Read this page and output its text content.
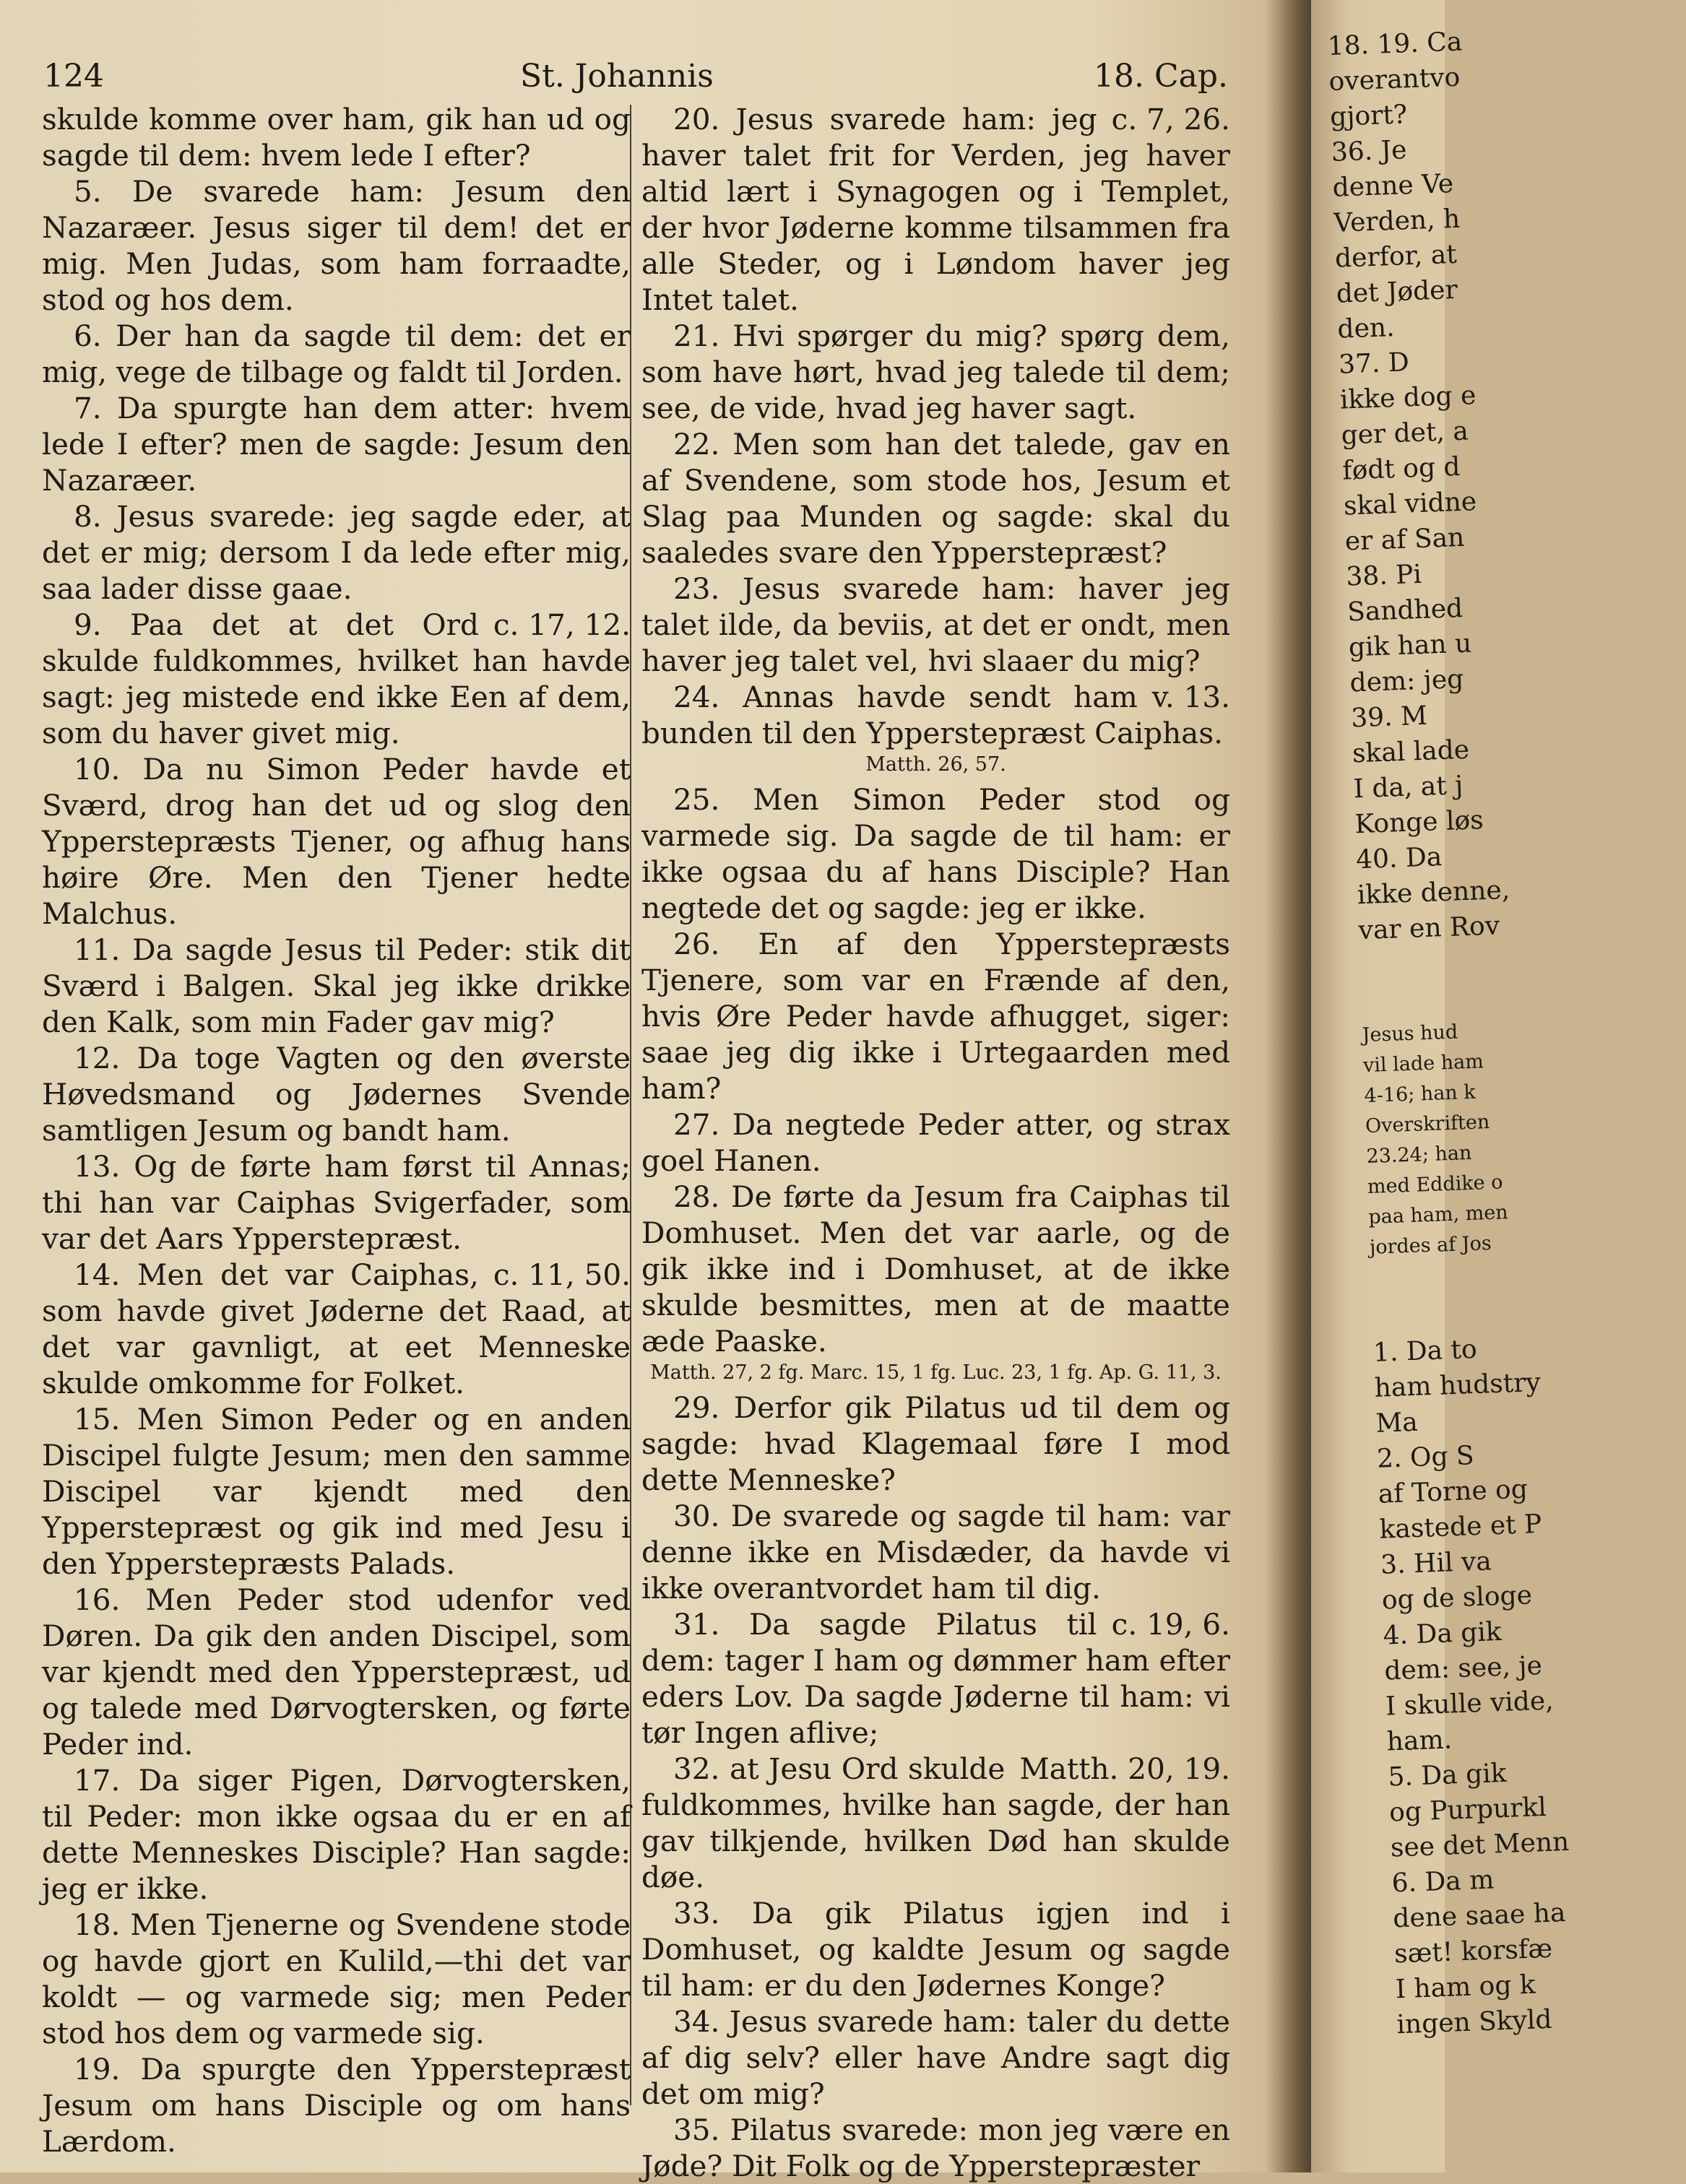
124	St. Johannis	18. Cap.

skulde komme over ham, gik han ud og sagde til dem: hvem lede I efter?

5. De svarede ham: Jesum den Nazaræer. Jesus siger til dem! det er mig. Men Judas, som ham forraadte, stod og hos dem.

6. Der han da sagde til dem: det er mig, vege de tilbage og faldt til Jorden.

7. Da spurgte han dem atter: hvem lede I efter? men de sagde: Jesum den Nazaræer.

8. Jesus svarede: jeg sagde eder, at det er mig; dersom I da lede efter mig, saa lader disse gaae.

c. 17, 12.
9. Paa det at det Ord skulde fuldkommes, hvilket han havde sagt: jeg mistede end ikke Een af dem, som du haver givet mig.

10. Da nu Simon Peder havde et Sværd, drog han det ud og slog den Ypperstepræsts Tjener, og afhug hans høire Øre. Men den Tjener hedte Malchus.

11. Da sagde Jesus til Peder: stik dit Sværd i Balgen. Skal jeg ikke drikke den Kalk, som min Fader gav mig?

12. Da toge Vagten og den øverste Høvedsmand og Jødernes Svende samtligen Jesum og bandt ham.

13. Og de førte ham først til Annas; thi han var Caiphas Svigerfader, som var det Aars Ypperstepræst.

c. 11, 50.
14. Men det var Caiphas, som havde givet Jøderne det Raad, at det var gavnligt, at eet Menneske skulde omkomme for Folket.

15. Men Simon Peder og en anden Discipel fulgte Jesum; men den samme Discipel var kjendt med den Ypperstepræst og gik ind med Jesu i den Ypperstepræsts Palads.

16. Men Peder stod udenfor ved Døren. Da gik den anden Discipel, som var kjendt med den Ypperstepræst, ud og talede med Dørvogtersken, og førte Peder ind.

17. Da siger Pigen, Dørvogtersken, til Peder: mon ikke ogsaa du er en af dette Menneskes Disciple? Han sagde: jeg er ikke.

18. Men Tjenerne og Svendene stode og havde gjort en Kulild,—thi det var koldt — og varmede sig; men Peder stod hos dem og varmede sig.

19. Da spurgte den Ypperstepræst Jesum om hans Disciple og om hans Lærdom.

c. 7, 26.
20. Jesus svarede ham: jeg haver talet frit for Verden, jeg haver altid lært i Synagogen og i Templet, der hvor Jøderne komme tilsammen fra alle Steder, og i Løndom haver jeg Intet talet.

21. Hvi spørger du mig? spørg dem, som have hørt, hvad jeg talede til dem; see, de vide, hvad jeg haver sagt.

22. Men som han det talede, gav en af Svendene, som stode hos, Jesum et Slag paa Munden og sagde: skal du saaledes svare den Ypperstepræst?

23. Jesus svarede ham: haver jeg talet ilde, da beviis, at det er ondt, men haver jeg talet vel, hvi slaaer du mig?

v. 13.
24. Annas havde sendt ham bunden til den Ypperstepræst Caiphas.

Matth. 26, 57.

25. Men Simon Peder stod og varmede sig. Da sagde de til ham: er ikke ogsaa du af hans Disciple? Han negtede det og sagde: jeg er ikke.

26. En af den Ypperstepræsts Tjenere, som var en Frænde af den, hvis Øre Peder havde afhugget, siger: saae jeg dig ikke i Urtegaarden med ham?

27. Da negtede Peder atter, og strax goel Hanen.

28. De førte da Jesum fra Caiphas til Domhuset. Men det var aarle, og de gik ikke ind i Domhuset, at de ikke skulde besmittes, men at de maatte æde Paaske.

Matth. 27, 2 fg. Marc. 15, 1 fg. Luc. 23, 1 fg. Ap. G. 11, 3.

29. Derfor gik Pilatus ud til dem og sagde: hvad Klagemaal føre I mod dette Menneske?

30. De svarede og sagde til ham: var denne ikke en Misdæder, da havde vi ikke overantvordet ham til dig.

c. 19, 6.
31. Da sagde Pilatus til dem: tager I ham og dømmer ham efter eders Lov. Da sagde Jøderne til ham: vi tør Ingen aflive;

Matth. 20, 19.
32. at Jesu Ord skulde fuldkommes, hvilke han sagde, der han gav tilkjende, hvilken Død han skulde døe.

33. Da gik Pilatus igjen ind i Domhuset, og kaldte Jesum og sagde til ham: er du den Jødernes Konge?

34. Jesus svarede ham: taler du dette af dig selv? eller have Andre sagt dig det om mig?

35. Pilatus svarede: mon jeg være en Jøde? Dit Folk og de Ypperstepræster

18. 19. Ca
overantvo
gjort?
36. Je
denne Ve
Verden, h
derfor, at
det Jøder
den.
37. D
ikke dog e
ger det, a
født og d
skal vidne
er af San
38. Pi
Sandhed
gik han u
dem: jeg
39. M
skal lade
I da, at j
Konge løs
40. Da
ikke denne,
var en Rov
Jesus hud
vil lade ham
4-16; han k
Overskriften
23.24; han
med Eddike o
paa ham, men
jordes af Jos
1. Da to
ham hudstry
Ma
2. Og S
af Torne og
kastede et P
3. Hil va
og de sloge
4. Da gik
dem: see, je
I skulle vide,
ham.
5. Da gik
og Purpurkl
see det Menn
6. Da m
dene saae ha
sæt! korsfæ
I ham og k
ingen Skyld
